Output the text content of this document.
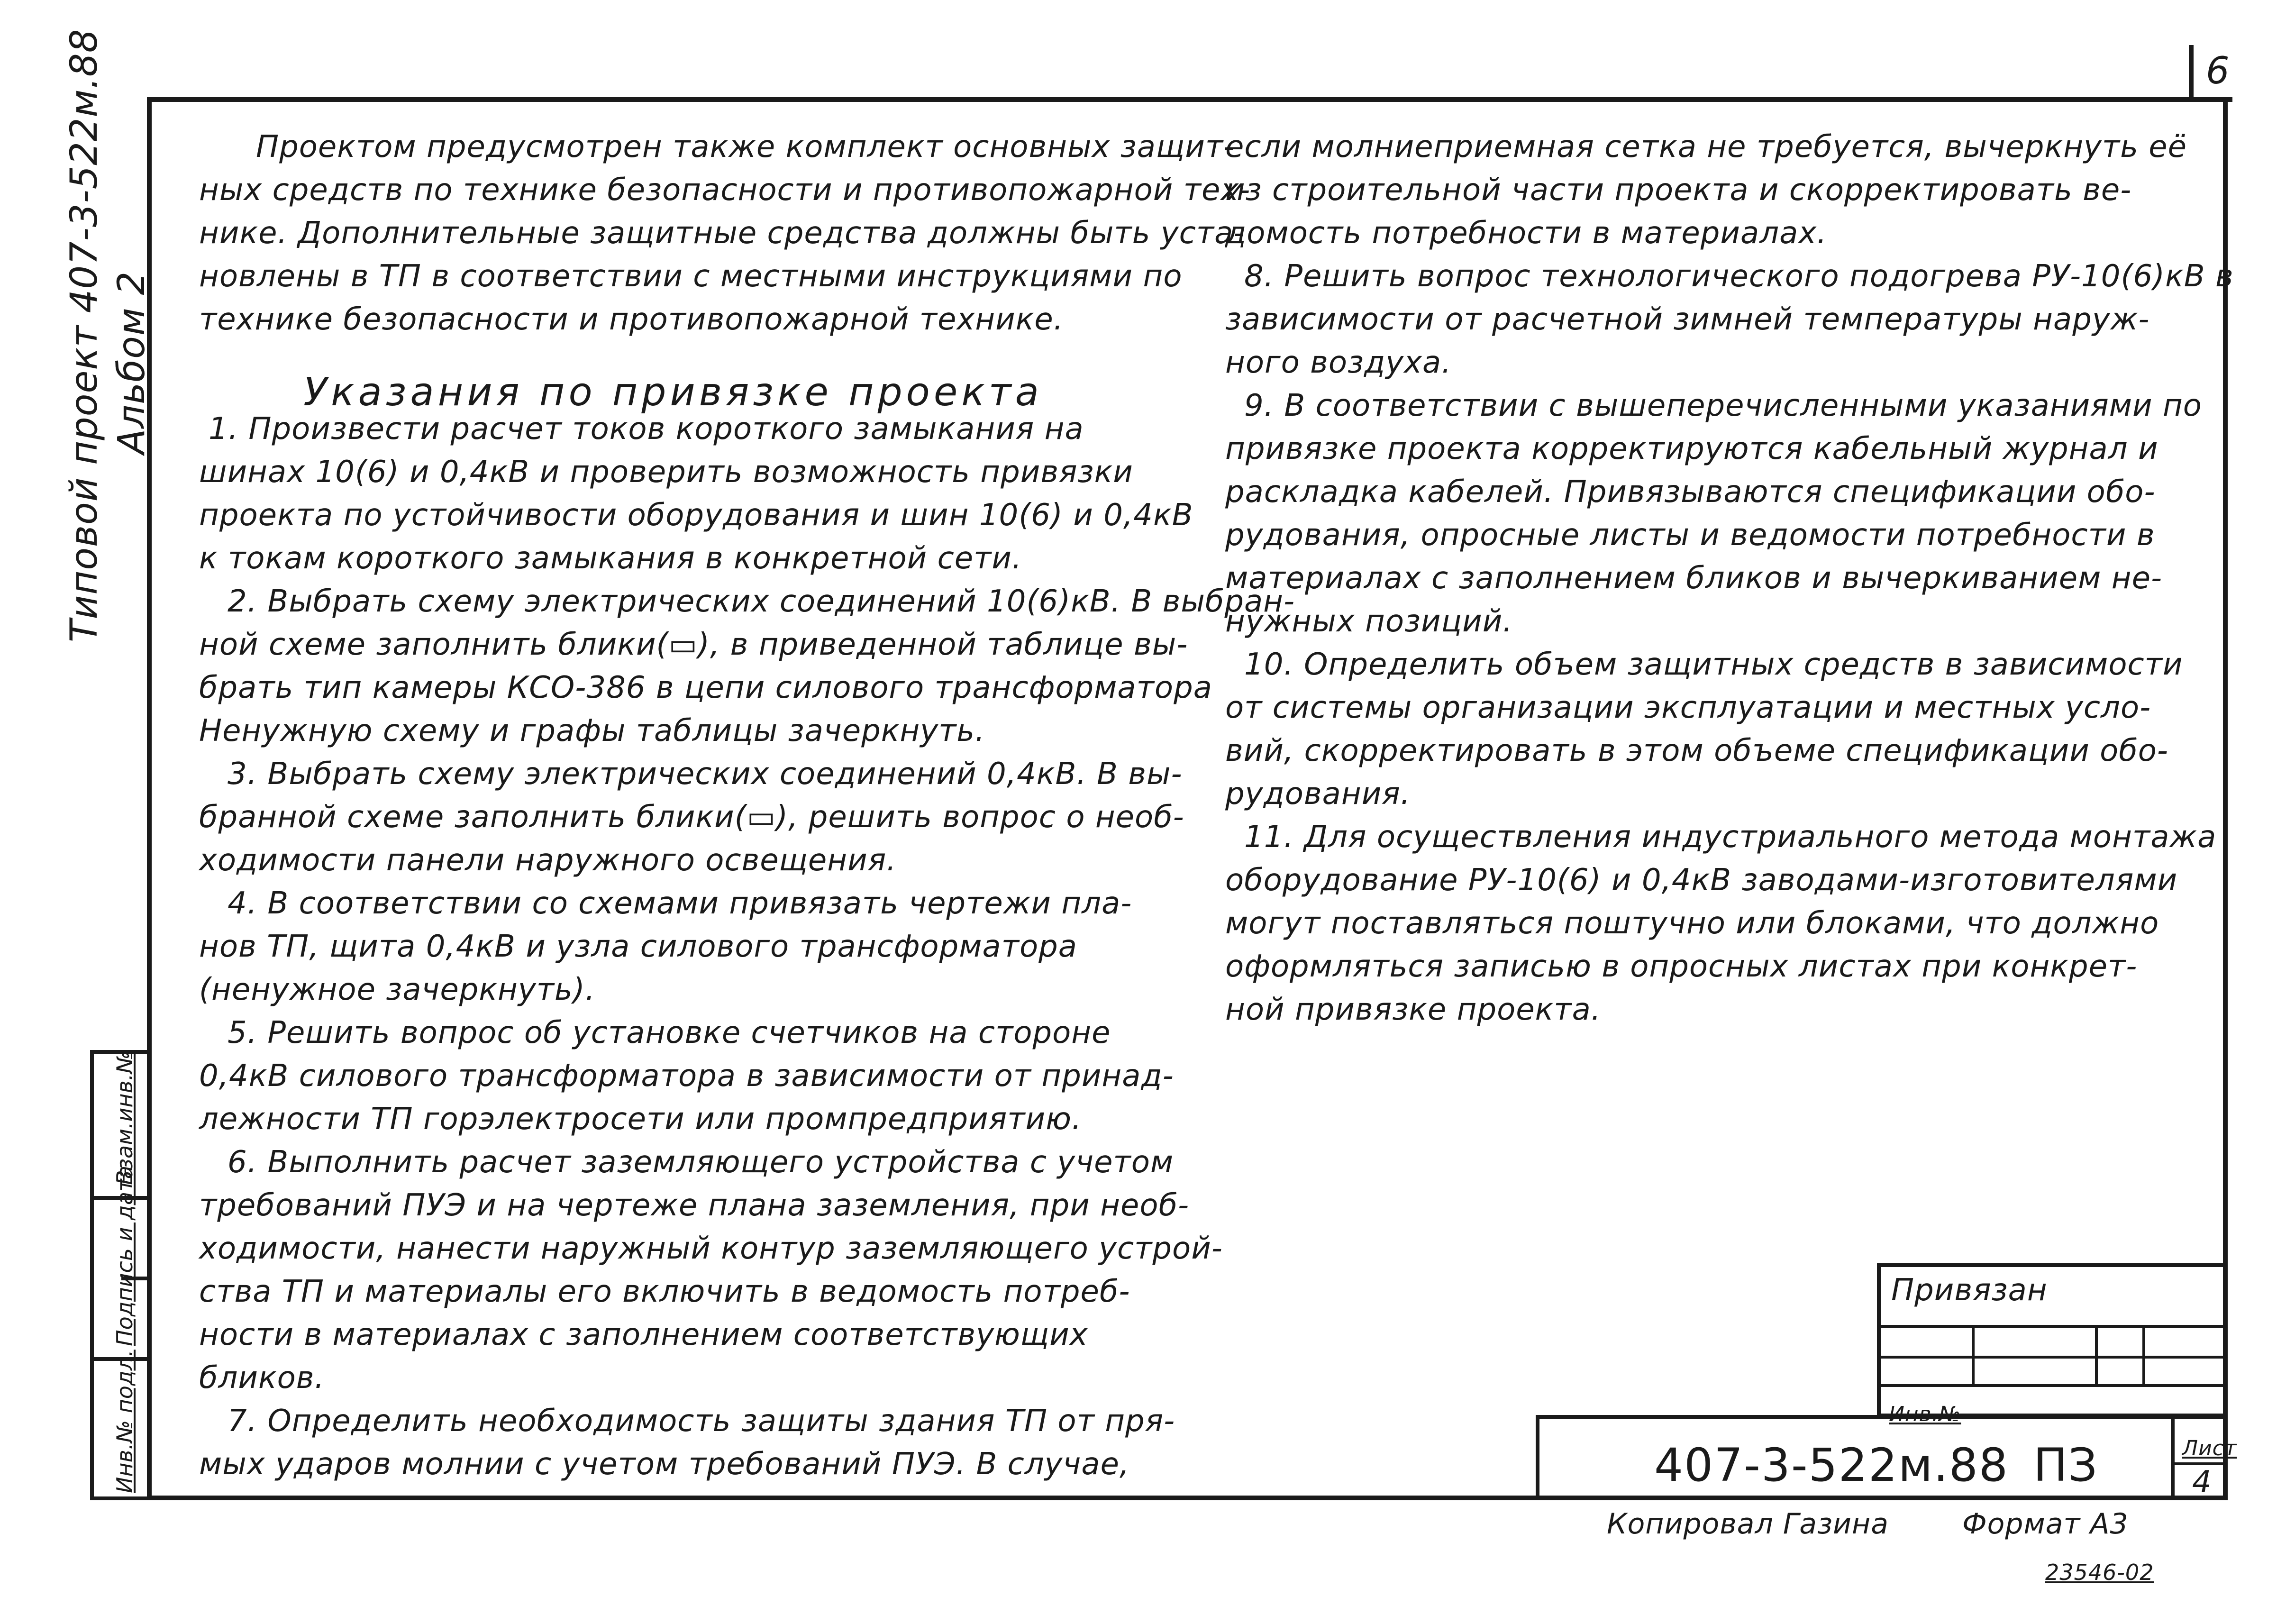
6
Типовой проект 407-3-522м.88 Альбом 2
Инв.№ подл.
Подпись и дата
Взам.инв.№
Проектом предусмотрен также комплект основных защит-
ных средств по технике безопасности и противопожарной тех-
нике. Дополнительные защитные средства должны быть уста-
новлены в ТП в соответствии с местными инструкциями по
технике безопасности и противопожарной технике.
Указания по привязке проекта
1. Произвести расчет токов короткого замыкания на
шинах 10(6) и 0,4кВ и проверить возможность привязки
проекта по устойчивости оборудования и шин 10(6) и 0,4кВ
к токам короткого замыкания в конкретной сети.
2. Выбрать схему электрических соединений 10(6)кВ. В выбран-
ной схеме заполнить блики(▭), в приведенной таблице вы-
брать тип камеры КСО-386 в цепи силового трансформатора
Ненужную схему и графы таблицы зачеркнуть.
3. Выбрать схему электрических соединений 0,4кВ. В вы-
бранной схеме заполнить блики(▭), решить вопрос о необ-
ходимости панели наружного освещения.
4. В соответствии со схемами привязать чертежи пла-
нов ТП, щита 0,4кВ и узла силового трансформатора
(ненужное зачеркнуть).
5. Решить вопрос об установке счетчиков на стороне
0,4кВ силового трансформатора в зависимости от принад-
лежности ТП горэлектросети или промпредприятию.
6. Выполнить расчет заземляющего устройства с учетом
требований ПУЭ и на чертеже плана заземления, при необ-
ходимости, нанести наружный контур заземляющего устрой-
ства ТП и материалы его включить в ведомость потреб-
ности в материалах с заполнением соответствующих
бликов.
7. Определить необходимость защиты здания ТП от пря-
мых ударов молнии с учетом требований ПУЭ. В случае,
если молниеприемная сетка не требуется, вычеркнуть её
из строительной части проекта и скорректировать ве-
домость потребности в материалах.
8. Решить вопрос технологического подогрева РУ-10(6)кВ в
зависимости от расчетной зимней температуры наруж-
ного воздуха.
9. В соответствии с вышеперечисленными указаниями по
привязке проекта корректируются кабельный журнал и
раскладка кабелей. Привязываются спецификации обо-
рудования, опросные листы и ведомости потребности в
материалах с заполнением бликов и вычеркиванием не-
нужных позиций.
10. Определить объем защитных средств в зависимости
от системы организации эксплуатации и местных усло-
вий, скорректировать в этом объеме спецификации обо-
рудования.
11. Для осуществления индустриального метода монтажа
оборудование РУ-10(6) и 0,4кВ заводами-изготовителями
могут поставляться поштучно или блоками, что должно
оформляться записью в опросных листах при конкрет-
ной привязке проекта.
Привязан
Инв.№
407-3-522м.88 ПЗ	Лист
4
Копировал Газина	Формат А3
23546-02
